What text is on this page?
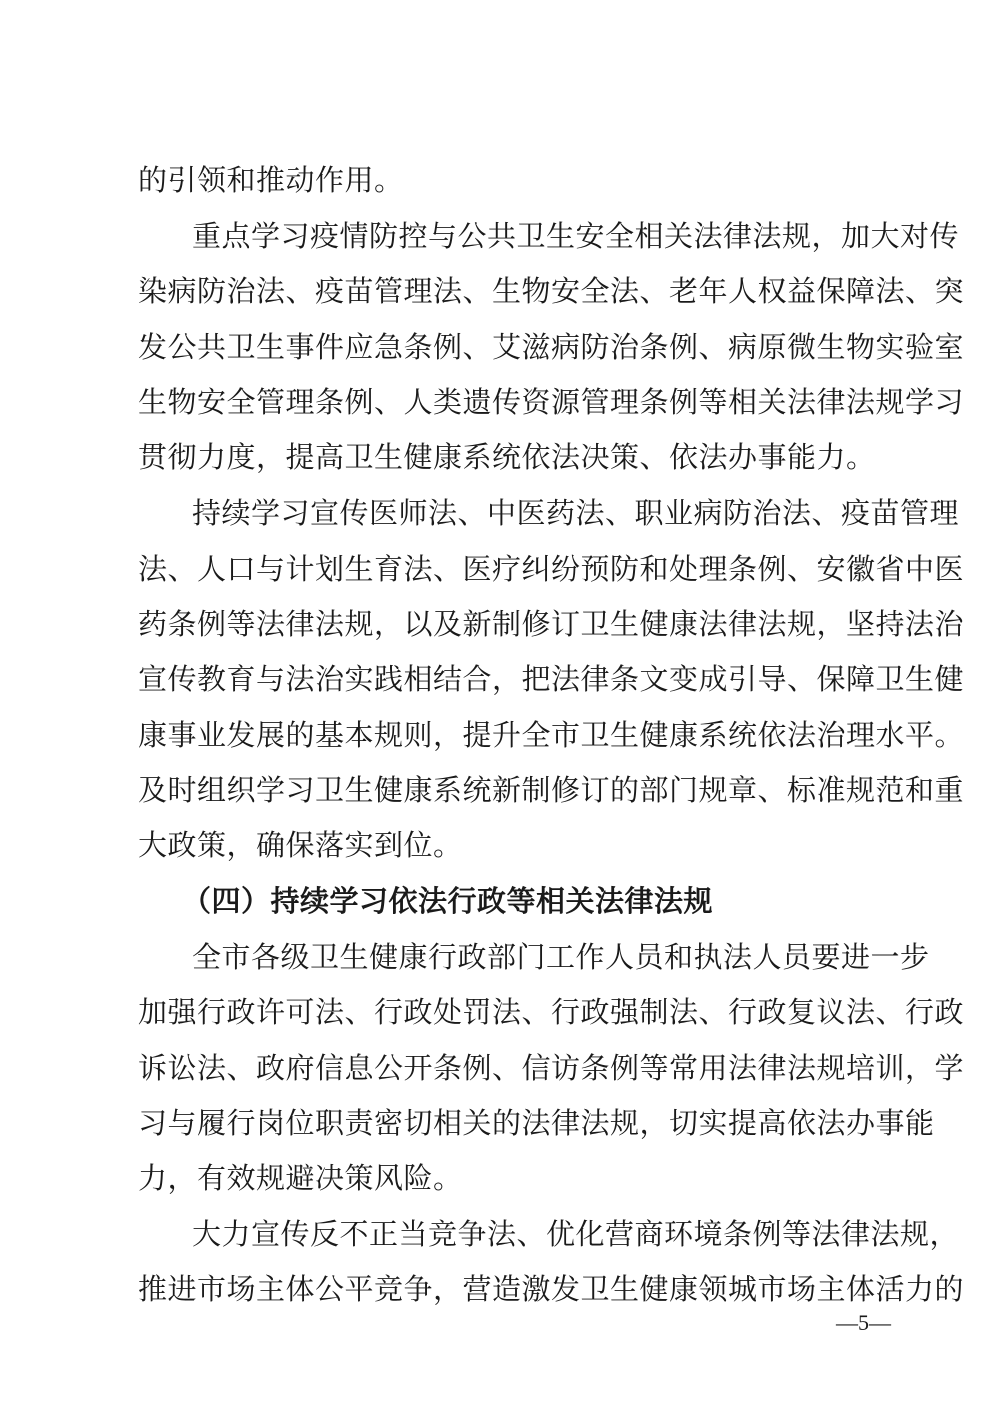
的引领和推动作用。
重点学习疫情防控与公共卫生安全相关法律法规，加大对传
染病防治法、疫苗管理法、生物安全法、老年人权益保障法、突
发公共卫生事件应急条例、艾滋病防治条例、病原微生物实验室
生物安全管理条例、人类遗传资源管理条例等相关法律法规学习
贯彻力度，提高卫生健康系统依法决策、依法办事能力。
持续学习宣传医师法、中医药法、职业病防治法、疫苗管理
法、人口与计划生育法、医疗纠纷预防和处理条例、安徽省中医
药条例等法律法规，以及新制修订卫生健康法律法规，坚持法治
宣传教育与法治实践相结合，把法律条文变成引导、保障卫生健
康事业发展的基本规则，提升全市卫生健康系统依法治理水平。
及时组织学习卫生健康系统新制修订的部门规章、标准规范和重
大政策，确保落实到位。
（四）持续学习依法行政等相关法律法规
全市各级卫生健康行政部门工作人员和执法人员要进一步
加强行政许可法、行政处罚法、行政强制法、行政复议法、行政
诉讼法、政府信息公开条例、信访条例等常用法律法规培训，学
习与履行岗位职责密切相关的法律法规，切实提高依法办事能
力，有效规避决策风险。
大力宣传反不正当竞争法、优化营商环境条例等法律法规，
推进市场主体公平竞争，营造激发卫生健康领城市场主体活力的
—5—
